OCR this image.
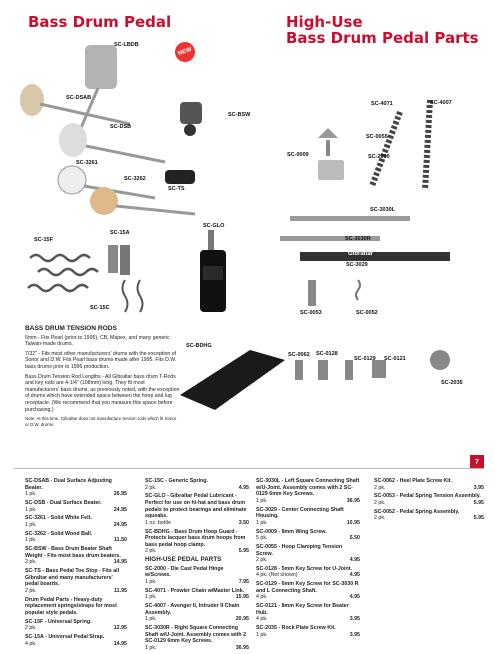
Bass Drum Pedal	High-Use
Bass Drum Pedal Parts
NEW
SC-LBDB
SC-DSAB
SC-DSB
SC-BSW
SC-3261
SC-3262
SC-TS
SC-15F
SC-15A
SC-15C
SC-GLO
SC-BDHG
SC-4071	SC-4007
SC-0055
SC-0009	SC-2000
SC-3030L
SC-3030R
SC-3029
SC-0053	SC-0052
SC-0062 SC-0128
SC-0129 SC-0121
SC-2035
Gibraltar
BASS DRUM TENSION RODS

6mm - Fits Pearl (prior to 1995), CB, Mapex, and many generic Taiwan-made drums.

7/32" - Fits most other manufacturers' drums with the exception of Sonor and D.W. Fits Pearl bass drums made after 1995. Fits D.W. bass drums prior to 1996 production.

Bass Drum Tension Rod Lengths - All Gibraltar bass drum T-Rods and key rods are 4-1/4" (108mm) long. They fit most manufacturers' bass drums, as previously noted, with the exception of drums which have extended space between the hoop and lug receptacle. (We recommend that you measure this space before purchasing.)

Note: At this time, Gibraltar does not manufacture tension rods which fit Sonor or D.W. drums.

7
SC-DSAB - Dual Surface Adjusting Beater.
1 pk.	26.95
SC-DSB - Dual Surface Beater.
1 pk.	24.95
SC-3261 - Solid White Felt.
1 pk.	24.95
SC-3262 - Solid Wood Ball.
1 pk.	11.50
SC-BSW - Bass Drum Beater Shaft Weight - Fits most bass drum beaters.
2 pk.	14.95
SC-TS - Bass Pedal Toe Stop - Fits all Gibraltar and many manufacturers' pedal boards.
2 pk.	11.95
Drum Pedal Parts - Heavy-duty replacement springs/straps for most popular style pedals.
SC-15F - Universal Spring.
2 pk.	12.95
SC-15A - Universal Pedal Strap.
4 pk.	14.95
SC-15C - Generic Spring.
2 pk.	4.95
SC-GLO - Gibraltar Pedal Lubricant - Perfect for use on hi-hat and bass drum pedals to protect bearings and eliminate squeaks.
1 oz. bottle	3.50
SC-BDHG - Bass Drum Hoop Guard - Protects lacquer bass drum hoops from bass pedal hoop clamp.
2 pk.	5.95
HIGH-USE PEDAL PARTS
SC-2000 - Die Cast Pedal Hinge w/Screws.
1 pk.	7.95
SC-4071 - Prowler Chain w/Master Link.
1 pk.	15.95
SC-4007 - Avenger II, Intruder II Chain Assembly.
1 pk.	20.95
SC-3030R - Right Square Connecting Shaft w/U-Joint. Assembly comes with 2 SC-0129 6mm Key Screws.
1 pk.	36.95
SC-3030L - Left Square Connecting Shaft w/U-Joint. Assembly comes with 2 SC-0129 6mm Key Screws.
1 pk.	36.95
SC-3029 - Center Connecting Shaft Housing.
1 pk.	10.95
SC-0009 - 8mm Wing Screw.
5 pk.	5.50
SC-0055 - Hoop Clamping Tension Screw.
2 pk.	4.95
SC-0128 - 5mm Key Screw for U-Joint.
4 pk. (Not shown)	4.95
SC-0129 - 6mm Key Screw for SC-3030 R and L Connecting Shaft.
4 pk.	4.95
SC-0121 - 8mm Key Screw for Beater Hub.
4 pk.	3.95
SC-2035 - Rock Plate Screw Kit.
1 pk.	3.95
SC-0062 - Heel Plate Screw Kit.
2 pk.	3.95
SC-0053 - Pedal Spring Tension Assembly.
2 pk.	5.95
SC-0052 - Pedal Spring Assembly.
2 pk.	5.95
